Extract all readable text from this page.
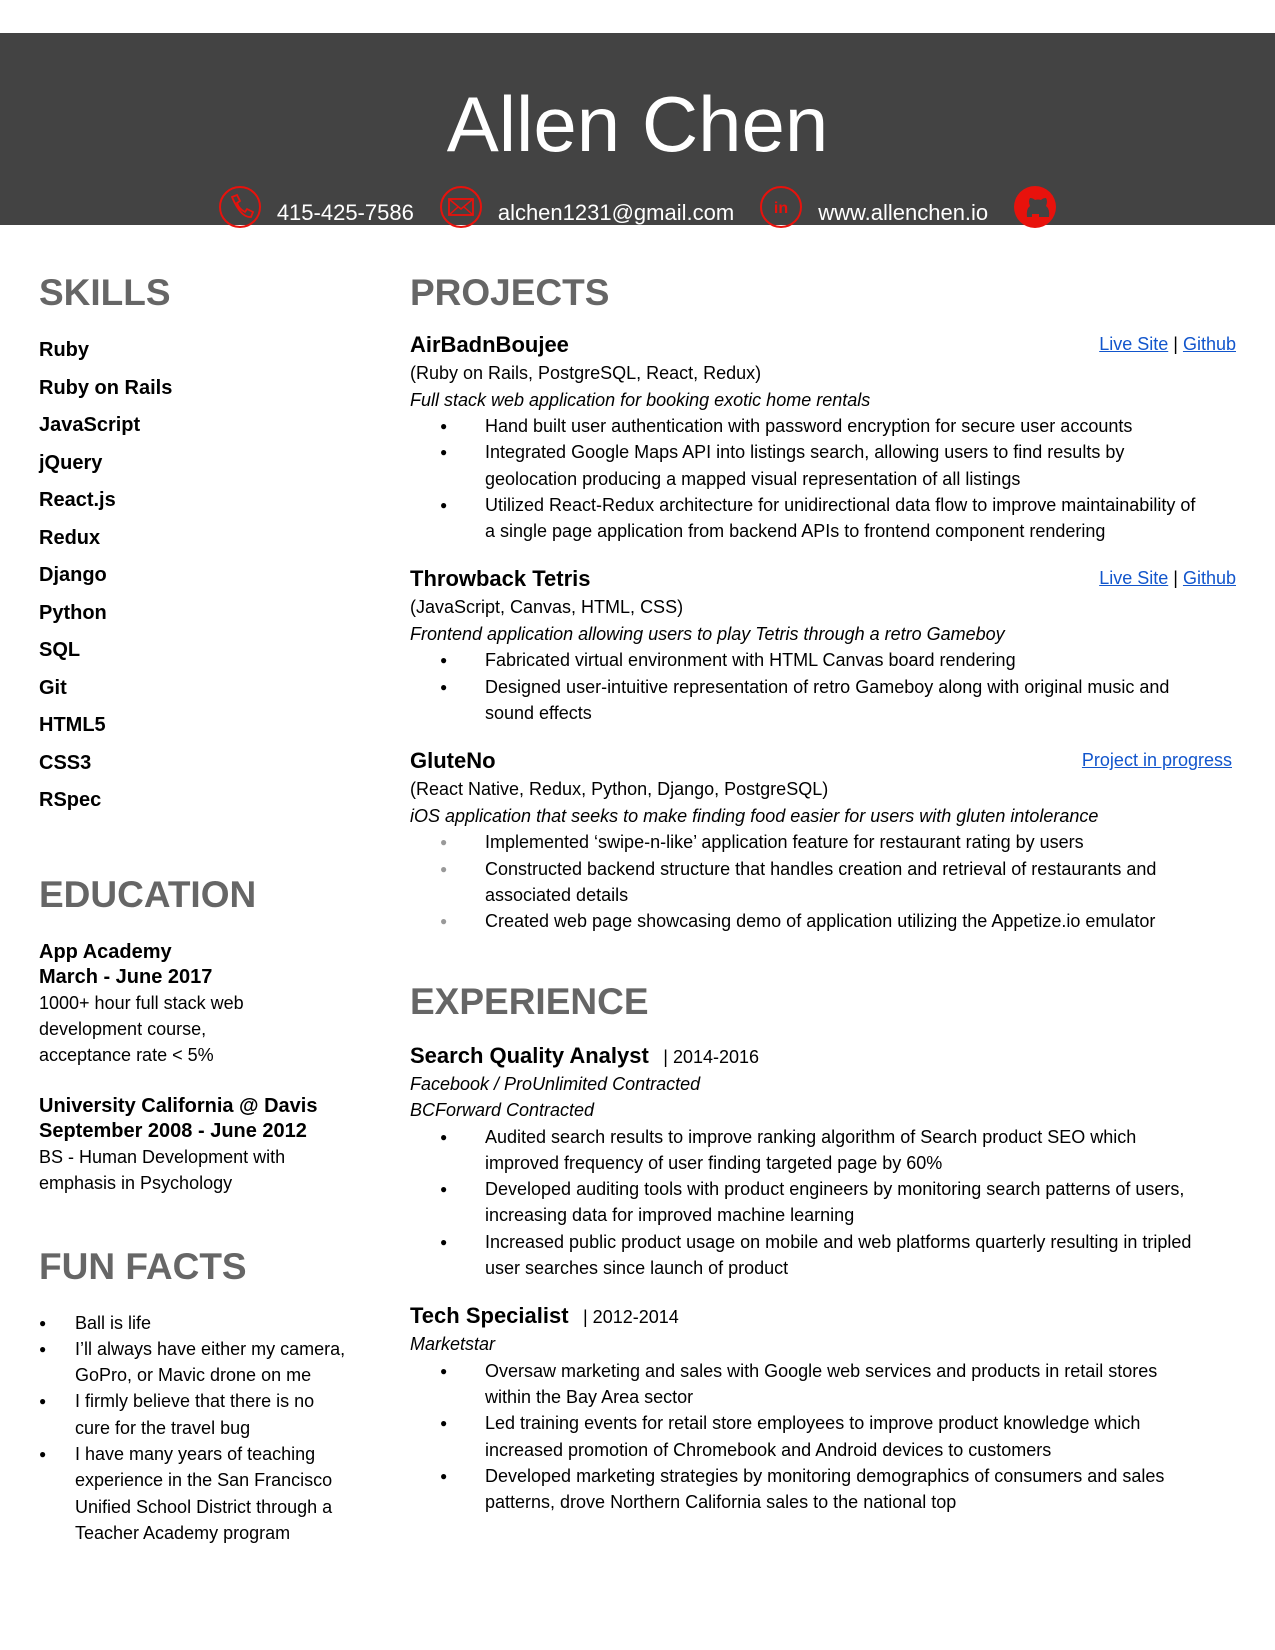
Allen Chen
415-425-7586	alchen1231@gmail.com in www.allenchen.io
SKILLS
Ruby
Ruby on Rails
JavaScript
jQuery
React.js
Redux
Django
Python
SQL
Git
HTML5
CSS3
RSpec
EDUCATION
App Academy
March - June 2017
1000+ hour full stack web
development course,
acceptance rate < 5%
University California @ Davis
September 2008 - June 2012
BS - Human Development with
emphasis in Psychology
FUN FACTS
● Ball is life
● I’ll always have either my camera,
GoPro, or Mavic drone on me
● I firmly believe that there is no
cure for the travel bug
● I have many years of teaching
experience in the San Francisco
Unified School District through a
Teacher Academy program
PROJECTS
AirBadnBoujee	Live Site | Github
(Ruby on Rails, PostgreSQL, React, Redux)
Full stack web application for booking exotic home rentals
● Hand built user authentication with password encryption for secure user accounts
● Integrated Google Maps API into listings search, allowing users to find results by
geolocation producing a mapped visual representation of all listings
● Utilized React-Redux architecture for unidirectional data flow to improve maintainability of
a single page application from backend APIs to frontend component rendering
Throwback Tetris	Live Site | Github
(JavaScript, Canvas, HTML, CSS)
Frontend application allowing users to play Tetris through a retro Gameboy
● Fabricated virtual environment with HTML Canvas board rendering
● Designed user-intuitive representation of retro Gameboy along with original music and
sound effects
GluteNo	Project in progress
(React Native, Redux, Python, Django, PostgreSQL)
iOS application that seeks to make finding food easier for users with gluten intolerance
● Implemented ‘swipe-n-like’ application feature for restaurant rating by users
● Constructed backend structure that handles creation and retrieval of restaurants and
associated details
● Created web page showcasing demo of application utilizing the Appetize.io emulator
EXPERIENCE
Search Quality Analyst | 2014-2016
Facebook / ProUnlimited Contracted
BCForward Contracted
● Audited search results to improve ranking algorithm of Search product SEO which
improved frequency of user finding targeted page by 60%
● Developed auditing tools with product engineers by monitoring search patterns of users,
increasing data for improved machine learning
● Increased public product usage on mobile and web platforms quarterly resulting in tripled
user searches since launch of product
Tech Specialist | 2012-2014
Marketstar
● Oversaw marketing and sales with Google web services and products in retail stores
within the Bay Area sector
● Led training events for retail store employees to improve product knowledge which
increased promotion of Chromebook and Android devices to customers
● Developed marketing strategies by monitoring demographics of consumers and sales
patterns, drove Northern California sales to the national top
